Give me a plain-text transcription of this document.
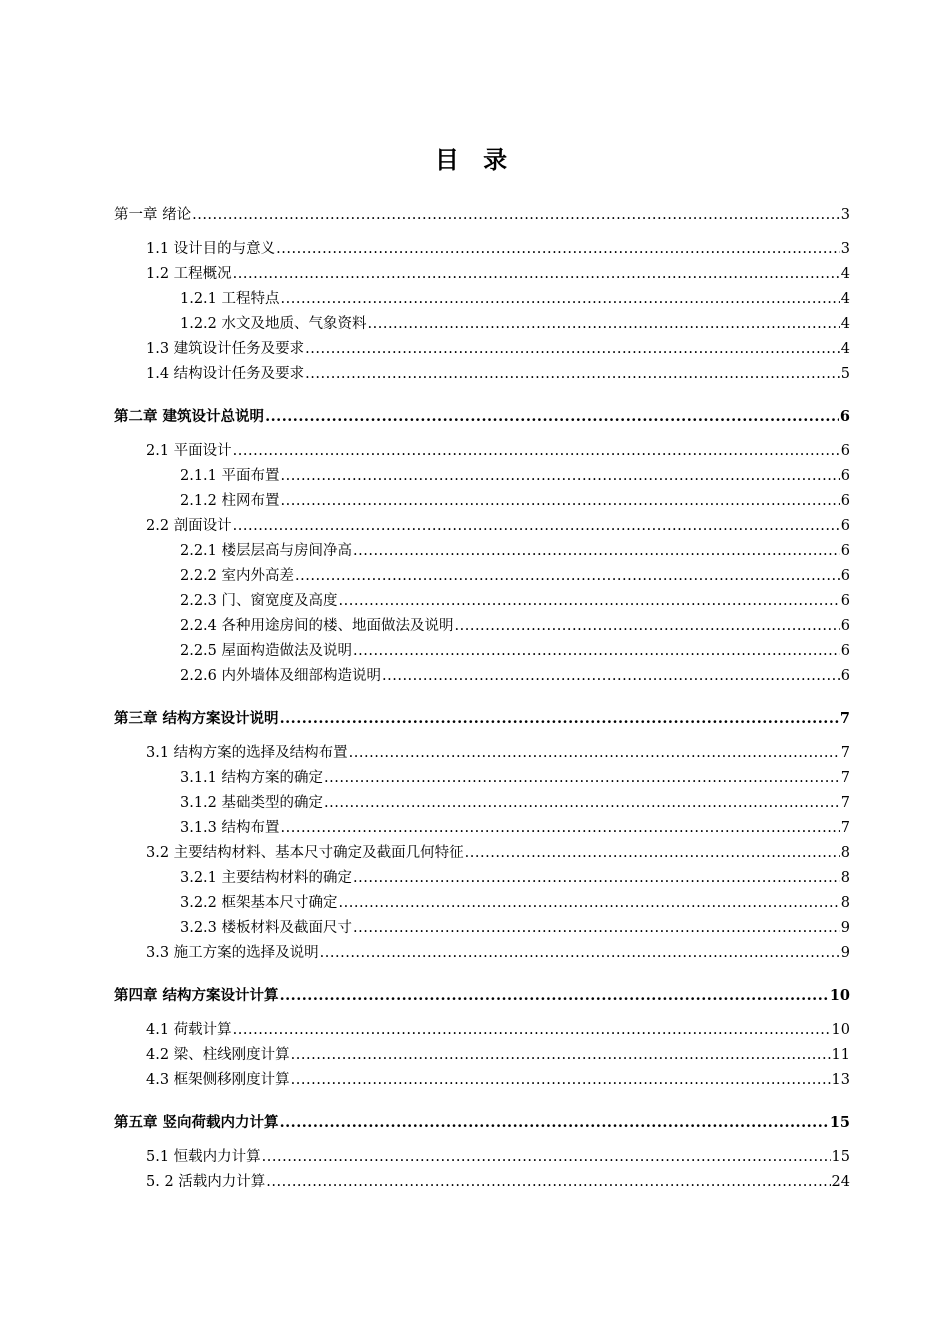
目 录
第一章 绪论 .....	3
1.1 设计目的与意义 .....	3
1.2 工程概况 .....	4
1.2.1 工程特点 .....	4
1.2.2 水文及地质、气象资料 .....	4
1.3 建筑设计任务及要求 .....	4
1.4 结构设计任务及要求 .....	5
第二章 建筑设计总说明 .....	6
2.1 平面设计 .....	6
2.1.1 平面布置 .....	6
2.1.2 柱网布置 .....	6
2.2 剖面设计 .....	6
2.2.1 楼层层高与房间净高 .....	6
2.2.2 室内外高差 .....	6
2.2.3 门、窗宽度及高度 .....	6
2.2.4 各种用途房间的楼、地面做法及说明 .....	6
2.2.5 屋面构造做法及说明 .....	6
2.2.6 内外墙体及细部构造说明 .....	6
第三章 结构方案设计说明 .....	7
3.1 结构方案的选择及结构布置 .....	7
3.1.1 结构方案的确定 .....	7
3.1.2 基础类型的确定 .....	7
3.1.3 结构布置 .....	7
3.2 主要结构材料、基本尺寸确定及截面几何特征 .....	8
3.2.1 主要结构材料的确定 .....	8
3.2.2 框架基本尺寸确定 .....	8
3.2.3 楼板材料及截面尺寸 .....	9
3.3 施工方案的选择及说明 .....	9
第四章 结构方案设计计算 .....	10
4.1 荷载计算 .....	10
4.2 梁、柱线刚度计算 .....	11
4.3 框架侧移刚度计算 .....	13
第五章 竖向荷载内力计算 .....	15
5.1 恒载内力计算 .....	15
5. 2 活载内力计算 .....	24
